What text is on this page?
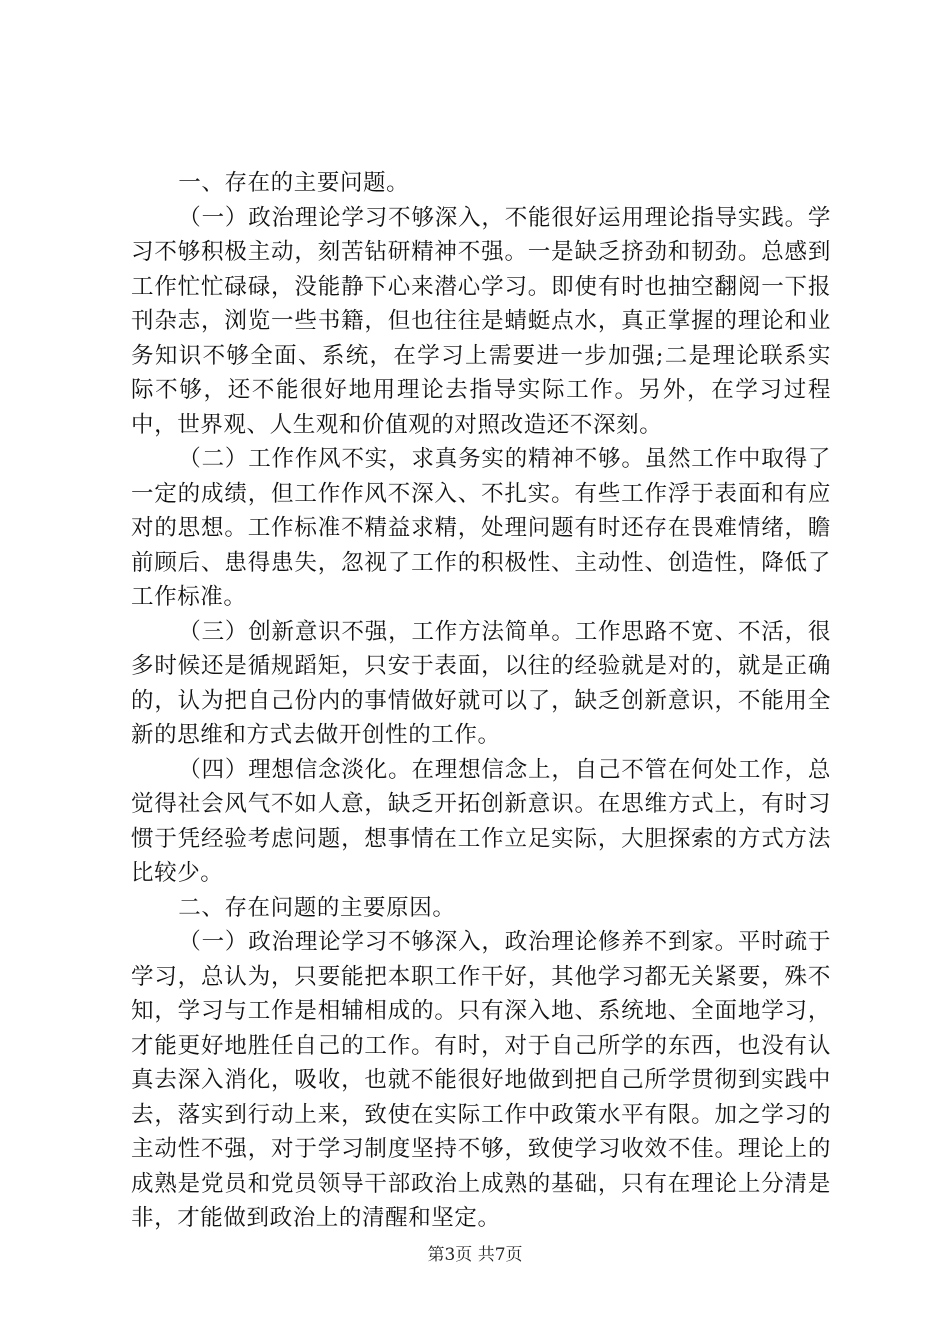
一、存在的主要问题。

（一）政治理论学习不够深入，不能很好运用理论指导实践。学习不够积极主动，刻苦钻研精神不强。一是缺乏挤劲和韧劲。总感到工作忙忙碌碌，没能静下心来潜心学习。即使有时也抽空翻阅一下报刊杂志，浏览一些书籍，但也往往是蜻蜓点水，真正掌握的理论和业务知识不够全面、系统，在学习上需要进一步加强;二是理论联系实际不够，还不能很好地用理论去指导实际工作。另外，在学习过程中，世界观、人生观和价值观的对照改造还不深刻。

（二）工作作风不实，求真务实的精神不够。虽然工作中取得了一定的成绩，但工作作风不深入、不扎实。有些工作浮于表面和有应对的思想。工作标准不精益求精，处理问题有时还存在畏难情绪，瞻前顾后、患得患失，忽视了工作的积极性、主动性、创造性，降低了工作标准。

（三）创新意识不强，工作方法简单。工作思路不宽、不活，很多时候还是循规蹈矩，只安于表面，以往的经验就是对的，就是正确的，认为把自己份内的事情做好就可以了，缺乏创新意识，不能用全新的思维和方式去做开创性的工作。

（四）理想信念淡化。在理想信念上，自己不管在何处工作，总觉得社会风气不如人意，缺乏开拓创新意识。在思维方式上，有时习惯于凭经验考虑问题，想事情在工作立足实际，大胆探索的方式方法比较少。

二、存在问题的主要原因。

（一）政治理论学习不够深入，政治理论修养不到家。平时疏于学习，总认为，只要能把本职工作干好，其他学习都无关紧要，殊不知，学习与工作是相辅相成的。只有深入地、系统地、全面地学习，才能更好地胜任自己的工作。有时，对于自己所学的东西，也没有认真去深入消化，吸收，也就不能很好地做到把自己所学贯彻到实践中去，落实到行动上来，致使在实际工作中政策水平有限。加之学习的主动性不强，对于学习制度坚持不够，致使学习收效不佳。理论上的成熟是党员和党员领导干部政治上成熟的基础，只有在理论上分清是非，才能做到政治上的清醒和坚定。

第3页 共7页
